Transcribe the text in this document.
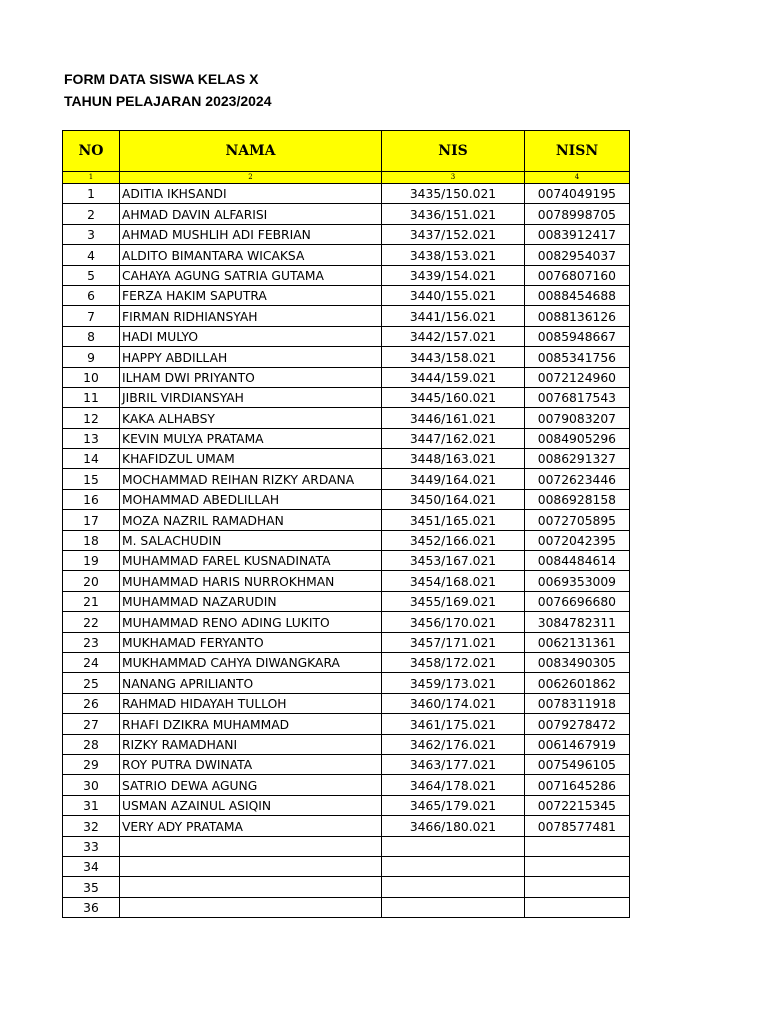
FORM DATA SISWA KELAS X
TAHUN PELAJARAN 2023/2024
NO	NAMA	NIS	NISN
1	2	3	4
1	ADITIA IKHSANDI	3435/150.021	0074049195
2	AHMAD DAVIN ALFARISI	3436/151.021	0078998705
3	AHMAD MUSHLIH ADI FEBRIAN	3437/152.021	0083912417
4	ALDITO BIMANTARA WICAKSA	3438/153.021	0082954037
5	CAHAYA AGUNG SATRIA GUTAMA	3439/154.021	0076807160
6	FERZA HAKIM SAPUTRA	3440/155.021	0088454688
7	FIRMAN RIDHIANSYAH	3441/156.021	0088136126
8	HADI MULYO	3442/157.021	0085948667
9	HAPPY ABDILLAH	3443/158.021	0085341756
10	ILHAM DWI PRIYANTO	3444/159.021	0072124960
11	JIBRIL VIRDIANSYAH	3445/160.021	0076817543
12	KAKA ALHABSY	3446/161.021	0079083207
13	KEVIN MULYA PRATAMA	3447/162.021	0084905296
14	KHAFIDZUL UMAM	3448/163.021	0086291327
15	MOCHAMMAD REIHAN RIZKY ARDANA	3449/164.021	0072623446
16	MOHAMMAD ABEDLILLAH	3450/164.021	0086928158
17	MOZA NAZRIL RAMADHAN	3451/165.021	0072705895
18	M. SALACHUDIN	3452/166.021	0072042395
19	MUHAMMAD FAREL KUSNADINATA	3453/167.021	0084484614
20	MUHAMMAD HARIS NURROKHMAN	3454/168.021	0069353009
21	MUHAMMAD NAZARUDIN	3455/169.021	0076696680
22	MUHAMMAD RENO ADING LUKITO	3456/170.021	3084782311
23	MUKHAMAD FERYANTO	3457/171.021	0062131361
24	MUKHAMMAD CAHYA DIWANGKARA	3458/172.021	0083490305
25	NANANG APRILIANTO	3459/173.021	0062601862
26	RAHMAD HIDAYAH TULLOH	3460/174.021	0078311918
27	RHAFI DZIKRA MUHAMMAD	3461/175.021	0079278472
28	RIZKY RAMADHANI	3462/176.021	0061467919
29	ROY PUTRA DWINATA	3463/177.021	0075496105
30	SATRIO DEWA AGUNG	3464/178.021	0071645286
31	USMAN AZAINUL ASIQIN	3465/179.021	0072215345
32	VERY ADY PRATAMA	3466/180.021	0078577481
33			
34			
35			
36			
